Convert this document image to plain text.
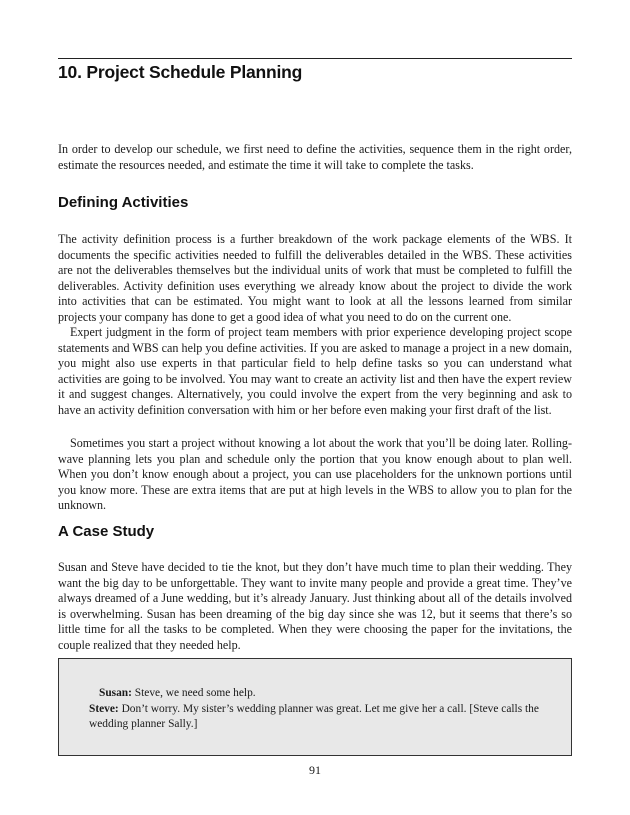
10. Project Schedule Planning

In order to develop our schedule, we first need to define the activities, sequence them in the right order, estimate the resources needed, and estimate the time it will take to complete the tasks.

Defining Activities

The activity definition process is a further breakdown of the work package elements of the WBS. It documents the specific activities needed to fulfill the deliverables detailed in the WBS. These activities are not the deliverables themselves but the individual units of work that must be completed to fulfill the deliverables. Activity definition uses everything we already know about the project to divide the work into activities that can be estimated. You might want to look at all the lessons learned from similar projects your company has done to get a good idea of what you need to do on the current one.

Expert judgment in the form of project team members with prior experience developing project scope statements and WBS can help you define activities. If you are asked to manage a project in a new domain, you might also use experts in that particular field to help define tasks so you can understand what activities are going to be involved. You may want to create an activity list and then have the expert review it and suggest changes. Alternatively, you could involve the expert from the very beginning and ask to have an activity definition conversation with him or her before even making your first draft of the list.

Sometimes you start a project without knowing a lot about the work that you’ll be doing later. Rolling-wave planning lets you plan and schedule only the portion that you know enough about to plan well. When you don’t know enough about a project, you can use placeholders for the unknown portions until you know more. These are extra items that are put at high levels in the WBS to allow you to plan for the unknown.

A Case Study

Susan and Steve have decided to tie the knot, but they don’t have much time to plan their wedding. They want the big day to be unforgettable. They want to invite many people and provide a great time. They’ve always dreamed of a June wedding, but it’s already January. Just thinking about all of the details involved is overwhelming. Susan has been dreaming of the big day since she was 12, but it seems that there’s so little time for all the tasks to be completed. When they were choosing the paper for the invitations, the couple realized that they needed help.

Susan: Steve, we need some help.

Steve: Don’t worry. My sister’s wedding planner was great. Let me give her a call. [Steve calls the wedding planner Sally.]

91
